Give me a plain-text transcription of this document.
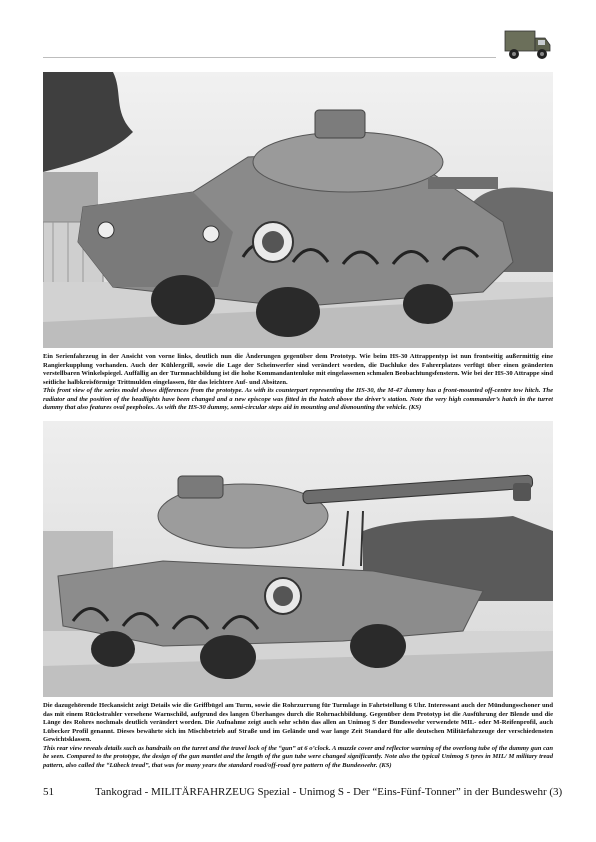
Ein Serienfahrzeug in der Ansicht von vorne links, deutlich nun die Änderungen gegenüber dem Prototyp. Wie beim HS-30 Attrappentyp ist nun frontseitig außermittig eine Rangierkupplung vorhanden. Auch der Kühlergrill, sowie die Lage der Scheinwerfer sind verändert worden, die Dachluke des Fahrerplatzes verfügt über einen geänderten verstellbaren Winkelspiegel. Auffällig an der Turmnachbildung ist die hohe Kommandantenluke mit eingelassenen schmalen Beobachtungsfenstern. Wie bei der HS-30 Attrappe sind seitliche halbkreisförmige Trittmulden eingelassen, für das leichtere Auf- und Absitzen.

This front view of the series model shows differences from the prototype. As with its counterpart representing the HS-30, the M-47 dummy has a front-mounted off-centre tow hitch. The radiator and the position of the headlights have been changed and a new episcope was fitted in the hatch above the driver’s station. Note the very high commander’s hatch in the turret dummy that also features oval peepholes. As with the HS-30 dummy, semi-circular steps aid in mounting and dismounting the vehicle. (KS)

Die dazugehörende Heckansicht zeigt Details wie die Griffbügel am Turm, sowie die Rohrzurrung für Turmlage in Fahrtstellung 6 Uhr. Interessant auch der Mündungsschoner und das mit einem Rückstrahler versehene Warnschild, aufgrund des langen Überhanges durch die Rohrnachbildung. Gegenüber dem Prototyp ist die Ausführung der Blende und die Länge des Rohres nochmals deutlich verändert worden. Die Aufnahme zeigt auch sehr schön das allen an Unimog S der Bundeswehr verwendete MIL- oder M-Reifenprofil, auch Lübecker Profil genannt. Dieses bewährte sich im Mischbetrieb auf Straße und im Gelände und war lange Zeit Standard für alle deutschen Militärfahrzeuge der verschiedensten Gewichtsklassen.

This rear view reveals details such as handrails on the turret and the travel lock of the “gun” at 6 o’clock. A muzzle cover and reflector warning of the overlong tube of the dummy gun can be seen. Compared to the prototype, the design of the gun mantlet and the length of the gun tube were changed significantly. Note also the typical Unimog S tyres in MIL/ M military tread pattern, also called the “Lübeck tread”, that was for many years the standard road/off-road tyre pattern of the Bundeswehr. (KS)

51	Tankograd - MILITÄRFAHRZEUG Spezial - Unimog S - Der “Eins-Fünf-Tonner” in der Bundeswehr (3)
